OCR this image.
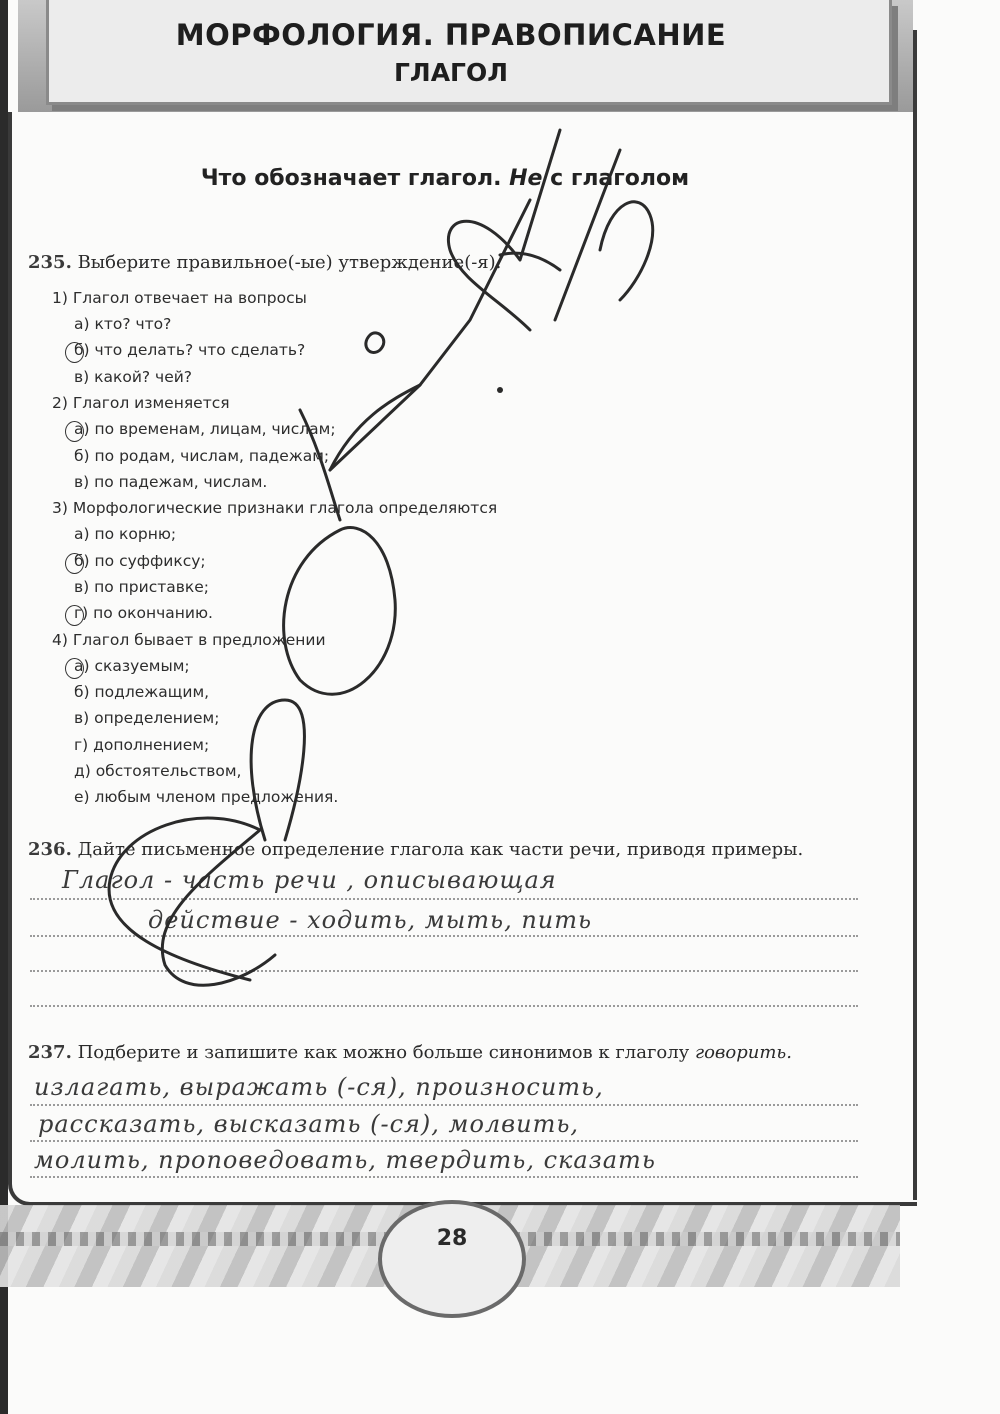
МОРФОЛОГИЯ. ПРАВОПИСАНИЕ
ГЛАГОЛ
Что обозначает глагол. Не с глаголом
235. Выберите правильное(-ые) утверждение(-я).
1) Глагол отвечает на вопросы
а) кто? что?
б) что делать? что сделать?
в) какой? чей?
2) Глагол изменяется
а) по временам, лицам, числам;
б) по родам, числам, падежам;
в) по падежам, числам.
3) Морфологические признаки глагола определяются
а) по корню;
б) по суффиксу;
в) по приставке;
г) по окончанию.
4) Глагол бывает в предложении
а) сказуемым;
б) подлежащим,
в) определением;
г) дополнением;
д) обстоятельством,
е) любым членом предложения.
236. Дайте письменное определение глагола как части речи, приводя примеры.
Глагол - часть речи , описывающая
действие - ходить, мыть, пить
237. Подберите и запишите как можно больше синонимов к глаголу говорить.
излагать, выражать (-ся), произносить,
рассказать, высказать (-ся), молвить,
молить, проповедовать, твердить, сказать
28
